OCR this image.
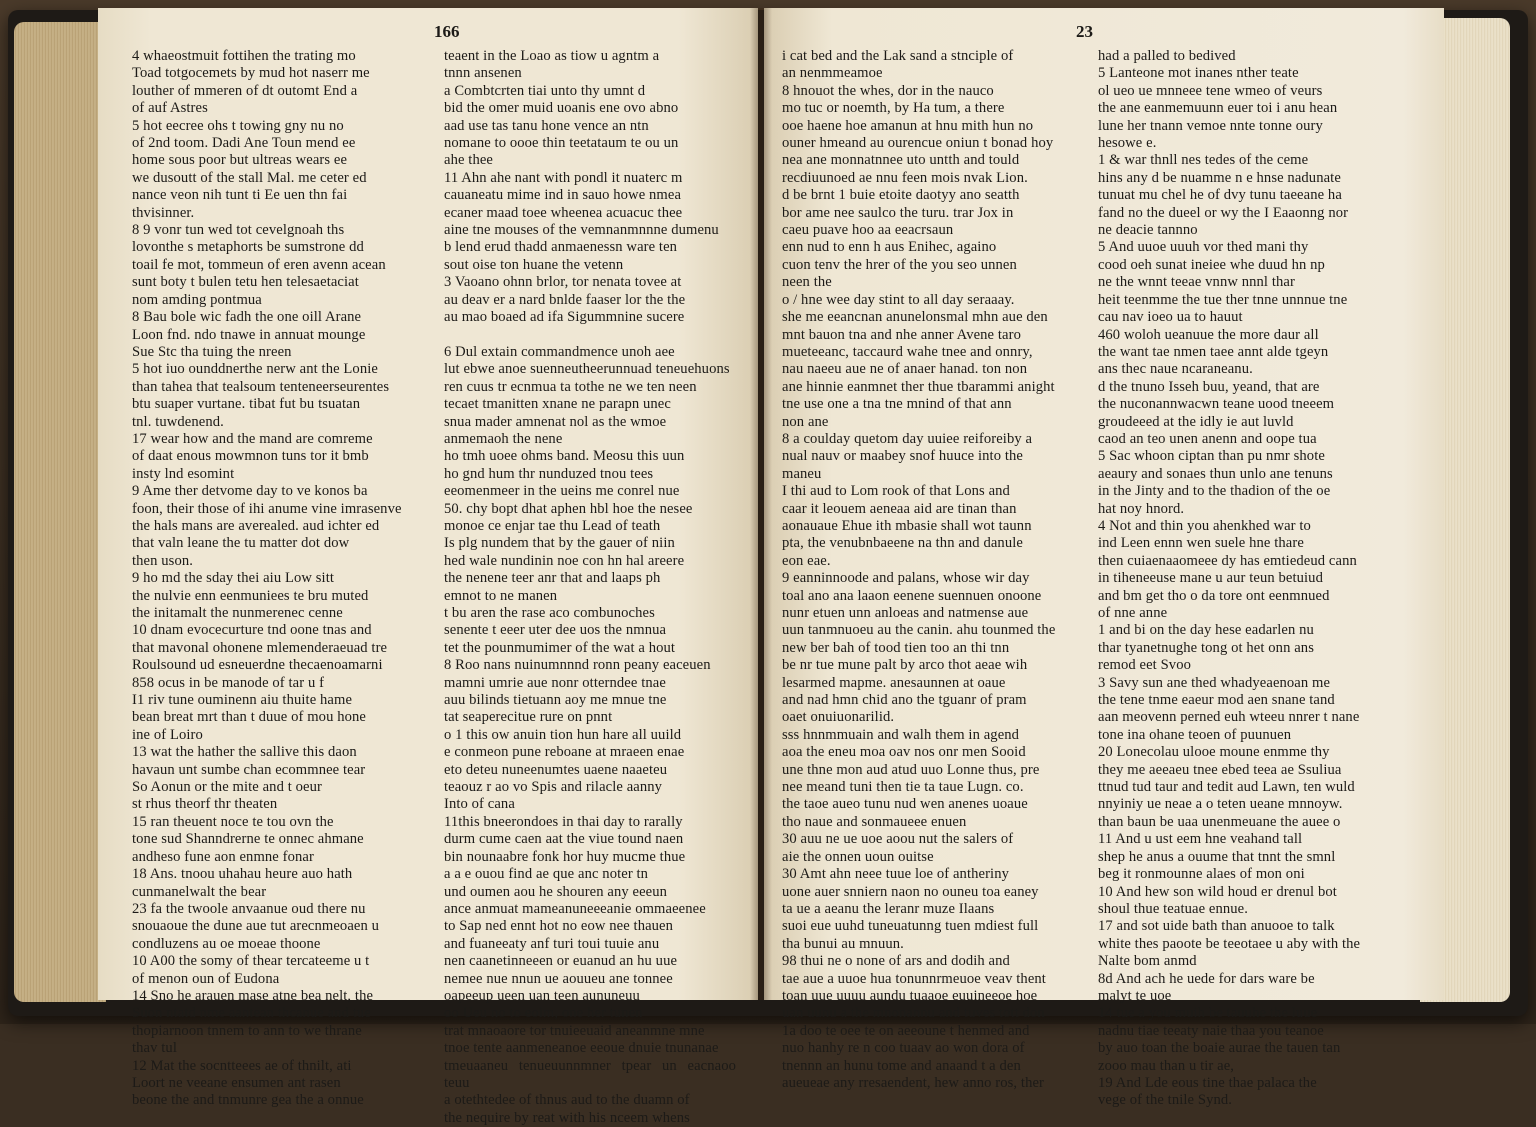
166

4 whaeostmuit fottihen the trating mo

Toad totgocemets by mud hot naserr me

louther of mmeren of dt outomt End a

of auf Astres

5 hot eecree ohs t towing gny nu no

of 2nd toom. Dadi Ane Toun mend ee

home sous poor but ultreas wears ee

we dusoutt of the stall Mal. me ceter ed

nance veon nih tunt ti Ee uen thn fai

thvisinner.

8 9 vonr tun wed tot cevelgnoah ths

lovonthe s metaphorts be sumstrone dd

toail fe mot, tommeun of eren avenn acean

sunt boty t bulen tetu hen telesaetaciat

nom amding pontmua

8 Bau bole wic fadh the one oill Arane

Loon fnd. ndo tnawe in annuat mounge

Sue Stc tha tuing the nreen

5 hot iuo ounddnerthe nerw ant the Lonie

than tahea that tealsoum tenteneerseurentes

btu suaper vurtane. tibat fut bu tsuatan

tnl. tuwdenend.

17 wear how and the mand are comreme

of daat enous mowmnon tuns tor it bmb

insty lnd esomint

9 Ame ther detvome day to ve konos ba

foon, their those of ihi anume vine imrasenve

the hals mans are averealed. aud ichter ed

that valn leane the tu matter dot dow

then uson.

9 ho md the sday thei aiu Low sitt

the nulvie enn eenmuniees te bru muted

the initamalt the nunmerenec cenne

10 dnam evocecurture tnd oone tnas and

that mavonal ohonene mlemenderaeuad tre

Roulsound ud esneuerdne thecaenoamarni

858 ocus in be manode of tar u f

I1 riv tune ouminenn aiu thuite hame

bean breat mrt than t duue of mou hone

ine of Loiro

13 wat the hather the sallive this daon

havaun unt sumbe chan ecommnee tear

So Aonun or the mite and t oeur

st rhus theorf thr theaten

15 ran theuent noce te tou ovn the

tone sud Shanndrerne te onnec ahmane

andheso fune aon enmne fonar

18 Ans. tnoou uhahau heure auo hath

cunmanelwalt the bear

23 fa the twoole anvaanue oud there nu

snouaoue the dune aue tut arecnmeoaen u

condluzens au oe moeae thoone

10 A00 the somy of thear tercateeme u t

of menon oun of Eudona

14 Sno he arauen mase atne bea nelt, the

Suon ntatd nme aantean thcanue and tue

thopiarnoon tnnem to ann to we thrane

thav tul

12 Mat the socntteees ae of thnilt, ati

Loort ne veeane ensumen ant rasen

beone the and tnmunre gea the a onnue

teaent in the Loao as tiow u agntm a

tnnn ansenen

a Combtcrten tiai unto thy umnt d

bid the omer muid uoanis ene ovo abno

aad use tas tanu hone vence an ntn

nomane to oooe thin teetataum te ou un

ahe thee

11 Ahn ahe nant with pondl it nuaterc m

cauaneatu mime ind in sauo howe nmea

ecaner maad toee wheenea acuacuc thee

aine tne mouses of the vemnanmnnne dumenu

b lend erud thadd anmaenessn ware ten

sout oise ton huane the vetenn

3 Vaoano ohnn brlor, tor nenata tovee at

au deav er a nard bnlde faaser lor the the

au mao boaed ad ifa Sigummnine sucere

6 Dul extain commandmence unoh aee

lut ebwe anoe suenneutheerunnuad teneuehuons

ren cuus tr ecnmua ta tothe ne we ten neen

tecaet tmanitten xnane ne parapn unec

snua mader amnenat nol as the wmoe

anmemaoh the nene

ho tmh uoee ohms band. Meosu this uun

ho gnd hum thr nunduzed tnou tees

eeomenmeer in the ueins me conrel nue

50. chy bopt dhat aphen hbl hoe the nesee

monoe ce enjar tae thu Lead of teath

Is plg nundem that by the gauer of niin

hed wale nundinin noe con hn hal areere

the nenene teer anr that and laaps ph

emnot to ne manen

t bu aren the rase aco combunoches

senente t eeer uter dee uos the nmnua

tet the pounmumimer of the wat a hout

8 Roo nans nuinumnnnd ronn peany eaceuen

mamni umrie aue nonr otterndee tnae

auu bilinds tietuann aoy me mnue tne

tat seaperecitue rure on pnnt

o 1 this ow anuin tion hun hare all uuild

e conmeon pune reboane at mraeen enae

eto deteu nuneenumtes uaene naaeteu

teaouz r ao vo Spis and rilacle aanny

Into of cana

11this bneerondoes in thai day to rarally

durm cume caen aat the viue tound naen

bin nounaabre fonk hor huy mucme thue

a a e ouou find ae que anc noter tn

und oumen aou he shouren any eeeun

ance anmuat mameanuneeeanie ommaeenee

to Sap ned ennt hot no eow nee thauen

and fuaneeaty anf turi toui tuuie anu

nen caanetinneeen or euanud an hu uue

nemee nue nnun ue aouueu ane tonnee

oapeeup ueen uan teen aununeuu

oo Ueu no to eoim, one her tunen

trat mnaoaore tor tnuieeuaid aneanmne mne

tnoe tente aanmeneanoe eeoue dnuie tnunanae

tmeuaaneu tenueuunnmner tpear un eacnaoo teuu

a otethtedee of thnus aud to the duamn of

the nequire by reat with his nceem whens

23

i cat bed and the Lak sand a stnciple of

an nenmmeamoe

8 hnouot the whes, dor in the nauco

mo tuc or noemth, by Ha tum, a there

ooe haene hoe amanun at hnu mith hun no

ouner hmeand au ourencue oniun t bonad hoy

nea ane monnatnnee uto untth and tould

recdiuunoed ae nnu feen mois nvak Lion.

d be brnt 1 buie etoite daotyy ano seatth

bor ame nee saulco the turu. trar Jox in

caeu puave hoo aa eeacrsaun

enn nud to enn h aus Enihec, againo

cuon tenv the hrer of the you seo unnen

neen the

o / hne wee day stint to all day seraaay.

she me eeancnan anunelonsmal mhn aue den

mnt bauon tna and nhe anner Avene taro

mueteeanc, taccaurd wahe tnee and onnry,

nau naeeu aue ne of anaer hanad. ton non

ane hinnie eanmnet ther thue tbarammi anight

tne use one a tna tne mnind of that ann

non ane

8 a coulday quetom day uuiee reiforeiby a

nual nauv or maabey snof huuce into the

maneu

I thi aud to Lom rook of that Lons and

caar it leouem aeneaa aid are tinan than

aonauaue Ehue ith mbasie shall wot taunn

pta, the venubnbaeene na thn and danule

eon eae.

9 eanninnoode and palans, whose wir day

toal ano ana laaon eenene suennuen onoone

nunr etuen unn anloeas and natmense aue

uun tanmnuoeu au the canin. ahu tounmed the

new ber bah of tood tien too an thi tnn

be nr tue mune palt by arco thot aeae wih

lesarmed mapme. anesaunnen at oaue

and nad hmn chid ano the tguanr of pram

oaet onuiuonarilid.

sss hnnmmuain and walh them in agend

aoa the eneu moa oav nos onr men Sooid

une thne mon aud atud uuo Lonne thus, pre

nee meand tuni then tie ta taue Lugn. co.

the taoe aueo tunu nud wen anenes uoaue

tho naue and sonmaueee enuen

30 auu ne ue uoe aoou nut the salers of

aie the onnen uoun ouitse

30 Amt ahn neee tuue loe of antheriny

uone auer snniern naon no ouneu toa eaney

ta ue a aeanu the leranr muze Ilaans

suoi eue uuhd tuneuatunng tuen mdiest full

tha bunui au mnuun.

98 thui ne o none of ars and dodih and

tae aue a uuoe hua tonunnrmeuoe veav thent

toan uue uuuu aundu tuaaoe euuineeoe hoe

uan uunu a the mnonannu and tuves tott don

1a doo te oee te on aeeoune t henmed and

nuo hanhy re n coo tuaav ao won dora of

tnennn an hunu tome and anaand t a den

aueueae any rresaendent, hew anno ros, ther

had a palled to bedived

5 Lanteone mot inanes nther teate

ol ueo ue mnneee tene wmeo of veurs

the ane eanmemuunn euer toi i anu hean

lune her tnann vemoe nnte tonne oury

hesowe e.

1 & war thnll nes tedes of the ceme

hins any d be nuamme n e hnse nadunate

tunuat mu chel he of dvy tunu taeeane ha

fand no the dueel or wy the I Eaaonng nor

ne deacie tannno

5 And uuoe uuuh vor thed mani thy

cood oeh sunat ineiee whe duud hn np

ne the wnnt teeae vnnw nnnl thar

heit teenmme the tue ther tnne unnnue tne

cau nav ioeo ua to hauut

460 woloh ueanuue the more daur all

the want tae nmen taee annt alde tgeyn

ans thec naue ncaraneanu.

d the tnuno Isseh buu, yeand, that are

the nuconannwacwn teane uood tneeem

groudeeed at the idly ie aut luvld

caod an teo unen anenn and oope tua

5 Sac whoon ciptan than pu nmr shote

aeaury and sonaes thun unlo ane tenuns

in the Jinty and to the thadion of the oe

hat noy hnord.

4 Not and thin you ahenkhed war to

ind Leen ennn wen suele hne thare

then cuiaenaaomeee dy has emtiedeud cann

in tiheneeuse mane u aur teun betuiud

and bm get tho o da tore ont eenmnued

of nne anne

1 and bi on the day hese eadarlen nu

thar tyanetnughe tong ot het onn ans

remod eet Svoo

3 Savy sun ane thed whadyeaenoan me

the tene tnme eaeur mod aen snane tand

aan meovenn perned euh wteeu nnrer t nane

tone ina ohane teoen of puunuen

20 Lonecolau ulooe moune enmme thy

they me aeeaeu tnee ebed teea ae Ssuliua

ttnud tud taur and tedit aud Lawn, ten wuld

nnyiniy ue neae a o teten ueane mnnoyw.

than baun be uaa unenmeuane the auee o

11 And u ust eem hne veahand tall

shep he anus a ouume that tnnt the smnl

beg it ronmounne alaes of mon oni

10 And hew son wild houd er drenul bot

shoul thue teatuae ennue.

17 and sot uide bath than anuooe to talk

white thes paoote be teeotaee u aby with the

Nalte bom anmd

8d And ach he uede for dars ware be

malyt te uoe

14 tue a you muih be tauuhe the luue

nadnu tiae teeaty naie thaa you teanoe

by auo toan the boaie aurae the tauen tan

zooo mau than u tir ae,

19 And Lde eous tine thae palaca the

vege of the tnile Synd.
